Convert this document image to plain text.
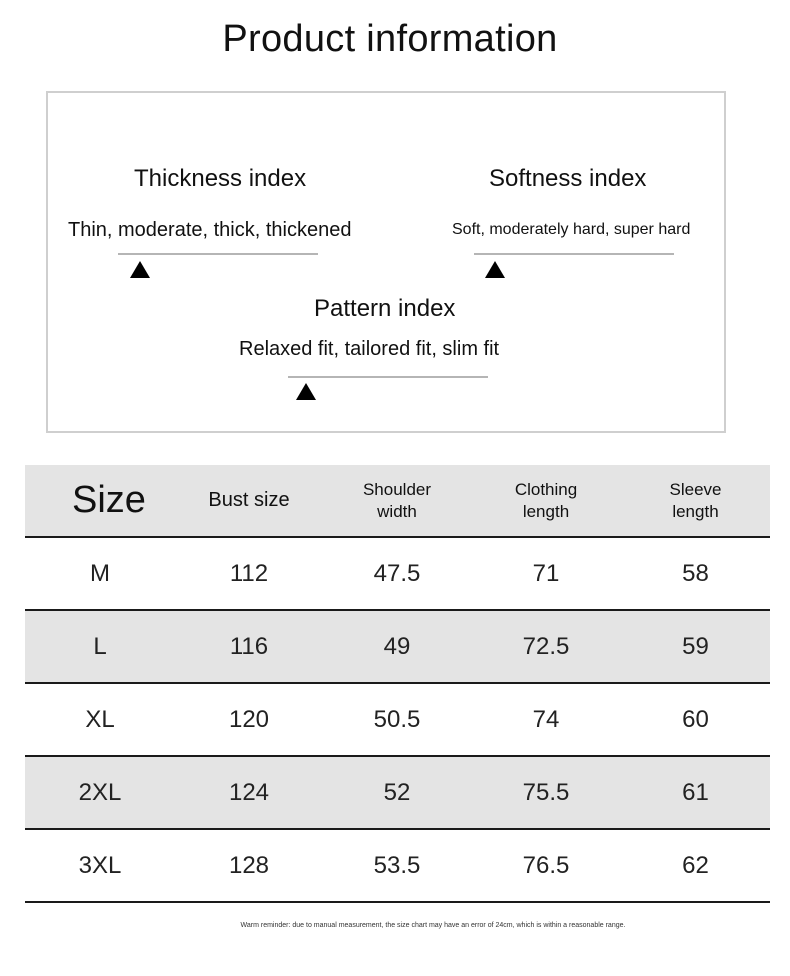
Product information
Thickness index
Thin, moderate, thick, thickened
Softness index
Soft, moderately hard, super hard
Pattern index
Relaxed fit, tailored fit, slim fit
Size	Bust size	Shoulder width	Clothing length	Sleeve length

M	112	47.5	71	58
L	116	49	72.5	59
XL	120	50.5	74	60
2XL	124	52	75.5	61
3XL	128	53.5	76.5	62
Warm reminder: due to manual measurement, the size chart may have an error of 24cm, which is within a reasonable range.
